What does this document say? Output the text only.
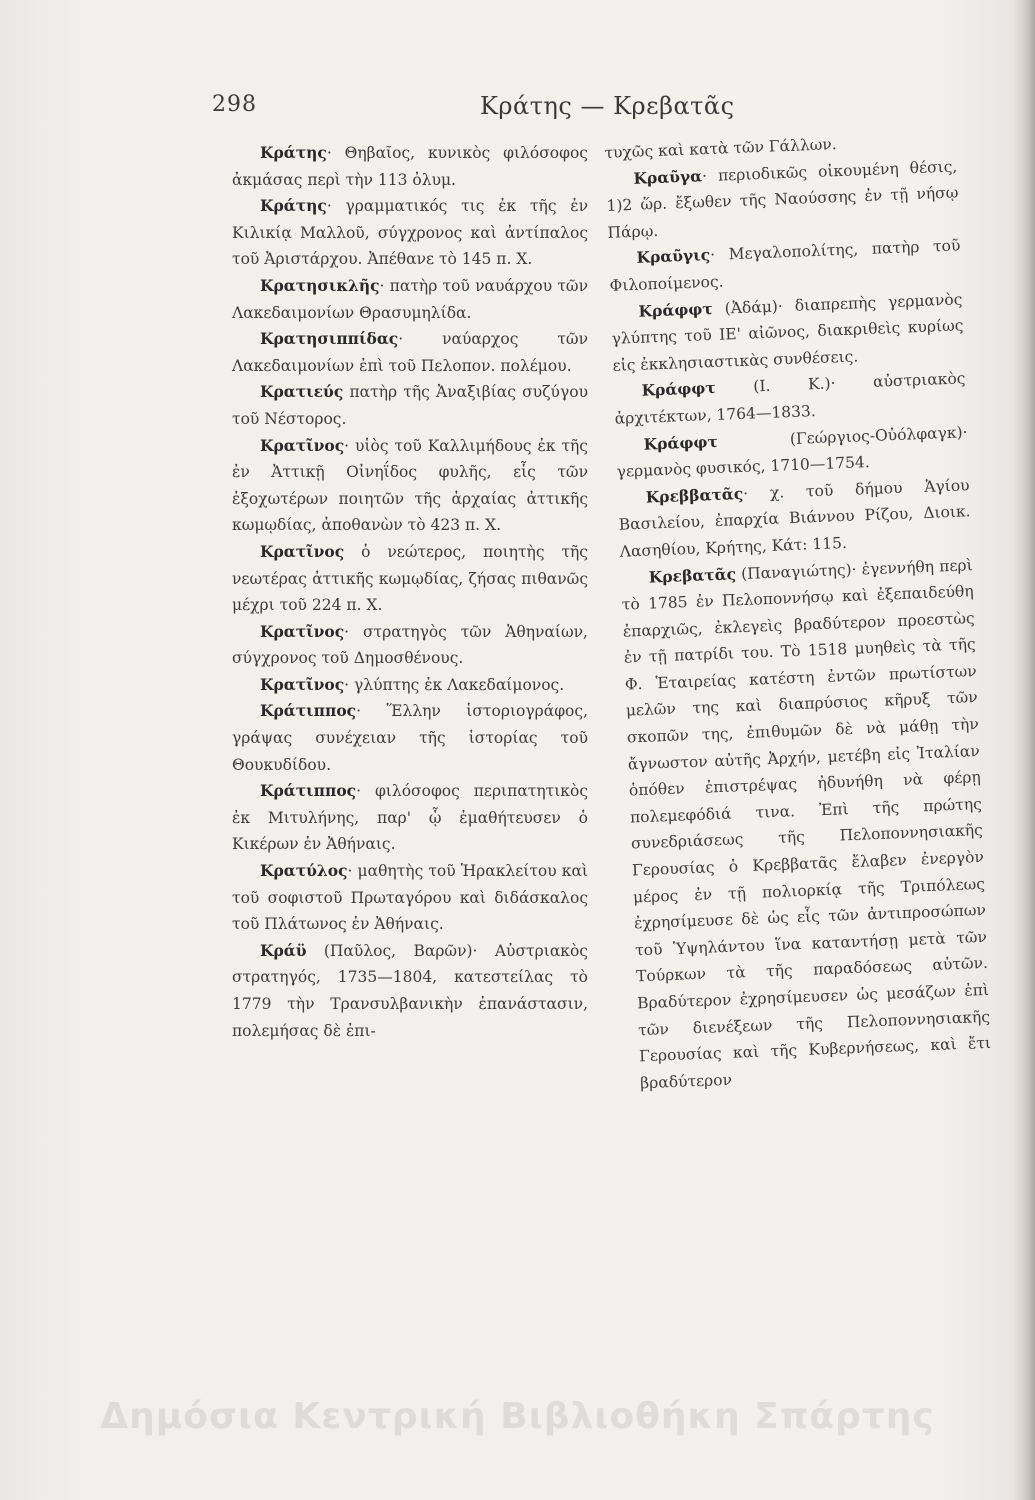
298	Κράτης — Κρεβατᾶς

Κράτης· Θηβαῖος, κυνικὸς φιλόσοφος ἀκμάσας περὶ τὴν 113 ὀλυμ.

Κράτης· γραμματικός τις ἐκ τῆς ἐν Κιλικίᾳ Μαλλοῦ, σύγχρονος καὶ ἀντίπαλος τοῦ Ἀριστάρχου. Ἀπέθανε τὸ 145 π. Χ.

Κρατησικλῆς· πατὴρ τοῦ ναυάρχου τῶν Λακεδαιμονίων Θρασυμηλίδα.

Κρατησιππίδας· ναύαρχος τῶν Λακεδαιμονίων ἐπὶ τοῦ Πελοπον. πολέμου.

Κρατιεύς πατὴρ τῆς Ἀναξιβίας συζύγου τοῦ Νέστορος.

Κρατῖνος· υἱὸς τοῦ Καλλιμήδους ἐκ τῆς ἐν Ἀττικῇ Οἰνηΐδος φυλῆς, εἷς τῶν ἐξοχωτέρων ποιητῶν τῆς ἀρχαίας ἀττικῆς κωμῳδίας, ἀποθανὼν τὸ 423 π. Χ.

Κρατῖνος ὁ νεώτερος, ποιητὴς τῆς νεωτέρας ἀττικῆς κωμῳδίας, ζήσας πιθανῶς μέχρι τοῦ 224 π. Χ.

Κρατῖνος· στρατηγὸς τῶν Ἀθηναίων, σύγχρονος τοῦ Δημοσθένους.

Κρατῖνος· γλύπτης ἐκ Λακεδαίμονος.

Κράτιππος· Ἕλλην ἱστοριογράφος, γράψας συνέχειαν τῆς ἱστορίας τοῦ Θουκυδίδου.

Κράτιππος· φιλόσοφος περιπατητικὸς ἐκ Μιτυλήνης, παρ' ᾧ ἐμαθήτευσεν ὁ Κικέρων ἐν Ἀθήναις.

Κρατύλος· μαθητὴς τοῦ Ἡρακλείτου καὶ τοῦ σοφιστοῦ Πρωταγόρου καὶ διδάσκαλος τοῦ Πλάτωνος ἐν Ἀθήναις.

Κράϋ (Παῦλος, Βαρῶν)· Αὐστριακὸς στρατηγός, 1735—1804, κατεστείλας τὸ 1779 τὴν Τρανσυλβανικὴν ἐπανάστασιν, πολεμήσας δὲ ἐπι-

τυχῶς καὶ κατὰ τῶν Γάλλων.

Κραῦγα· περιοδικῶς οἰκουμένη θέσις, 1)2 ὥρ. ἔξωθεν τῆς Ναούσσης ἐν τῇ νήσῳ Πάρῳ.

Κραῦγις· Μεγαλοπολίτης, πατὴρ τοῦ Φιλοποίμενος.

Κράφφτ (Ἀδάμ)· διαπρεπὴς γερμανὸς γλύπτης τοῦ ΙΕ' αἰῶνος, διακριθεὶς κυρίως εἰς ἐκκλησιαστικὰς συνθέσεις.

Κράφφτ (Ι. Κ.)· αὐστριακὸς ἀρχιτέκτων, 1764—1833.

Κράφφτ (Γεώργιος-Οὐόλφαγκ)· γερμανὸς φυσικός, 1710—1754.

Κρεββατᾶς· χ. τοῦ δήμου Ἁγίου Βασιλείου, ἐπαρχία Βιάννου Ρίζου, Διοικ. Λασηθίου, Κρήτης, Κάτ: 115.

Κρεβατᾶς (Παναγιώτης)· ἐγεννήθη περὶ τὸ 1785 ἐν Πελοποννήσῳ καὶ ἐξεπαιδεύθη ἐπαρχιῶς, ἐκλεγεὶς βραδύτερον προεστὼς ἐν τῇ πατρίδι του. Τὸ 1518 μυηθεὶς τὰ τῆς Φ. Ἑταιρείας κατέστη ἐντῶν πρωτίστων μελῶν της καὶ διαπρύσιος κῆρυξ τῶν σκοπῶν της, ἐπιθυμῶν δὲ νὰ μάθῃ τὴν ἄγνωστον αὐτῆς Ἀρχήν, μετέβη εἰς Ἰταλίαν ὁπόθεν ἐπιστρέψας ἠδυνήθη νὰ φέρῃ πολεμεφόδιά τινα. Ἐπὶ τῆς πρώτης συνεδριάσεως τῆς Πελοποννησιακῆς Γερουσίας ὁ Κρεββατᾶς ἔλαβεν ἐνεργὸν μέρος ἐν τῇ πολιορκίᾳ τῆς Τριπόλεως ἐχρησίμευσε δὲ ὡς εἷς τῶν ἀντιπροσώπων τοῦ Ὑψηλάντου ἵνα καταντήσῃ μετὰ τῶν Τούρκων τὰ τῆς παραδόσεως αὐτῶν. Βραδύτερον ἐχρησίμευσεν ὡς μεσάζων ἐπὶ τῶν διενέξεων τῆς Πελοποννησιακῆς Γερουσίας καὶ τῆς Κυβερνήσεως, καὶ ἔτι βραδύτερον

Δημόσια Κεντρική Βιβλιοθήκη Σπάρτης
